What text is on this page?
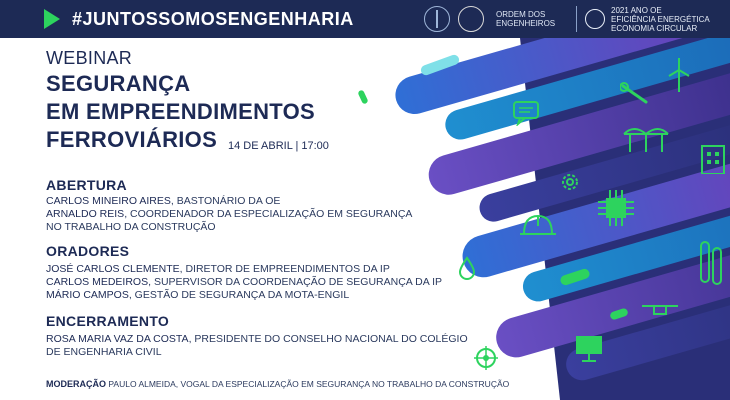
#JUNTOSSOMOSENGENHARIA	ORDEM DOS ENGENHEIROS
2021 ANO OE
EFICIÊNCIA ENERGÉTICA
ECONOMIA CIRCULAR
WEBINAR
SEGURANÇA
EM EMPREENDIMENTOS
FERROVIÁRIOS 14 DE ABRIL | 17:00
ABERTURA
CARLOS MINEIRO AIRES, BASTONÁRIO DA OE
ARNALDO REIS, COORDENADOR DA ESPECIALIZAÇÃO EM SEGURANÇA
NO TRABALHO DA CONSTRUÇÃO
ORADORES
JOSÉ CARLOS CLEMENTE, DIRETOR DE EMPREENDIMENTOS DA IP
CARLOS MEDEIROS, SUPERVISOR DA COORDENAÇÃO DE SEGURANÇA DA IP
MÁRIO CAMPOS, GESTÃO DE SEGURANÇA DA MOTA-ENGIL
ENCERRAMENTO
ROSA MARIA VAZ DA COSTA, PRESIDENTE DO CONSELHO NACIONAL DO COLÉGIO
DE ENGENHARIA CIVIL
MODERAÇÃO PAULO ALMEIDA, VOGAL DA ESPECIALIZAÇÃO EM SEGURANÇA NO TRABALHO DA CONSTRUÇÃO
